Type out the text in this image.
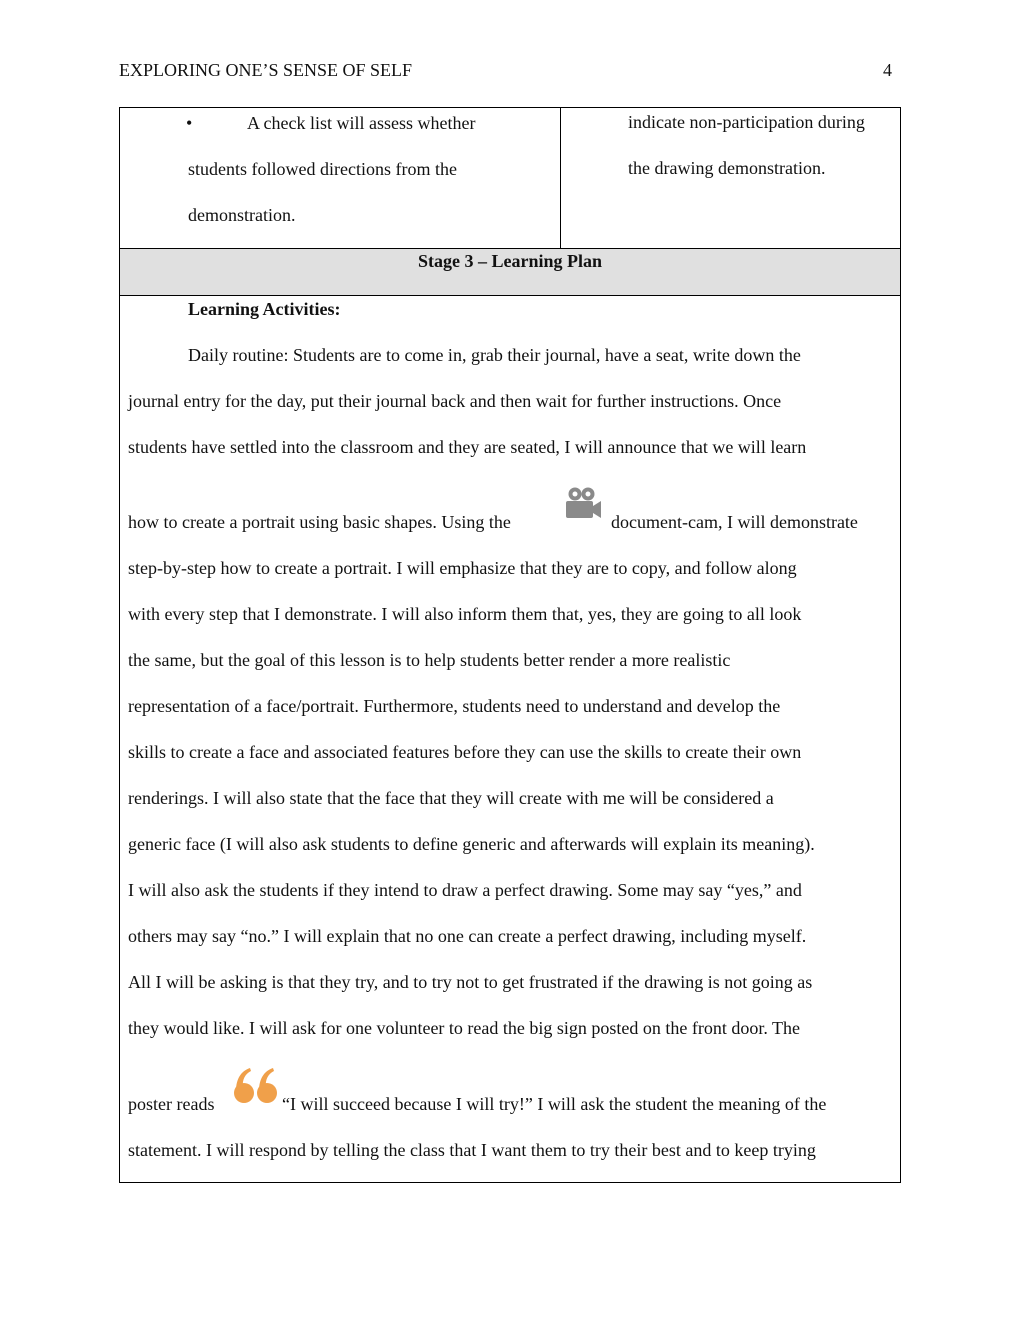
EXPLORING ONE’S SENSE OF SELF	4
•	A check list will assess whether
students followed directions from the
demonstration.
indicate non-participation during
the drawing demonstration.
Stage 3 – Learning Plan
Learning Activities:
Daily routine: Students are to come in, grab their journal, have a seat, write down the
journal entry for the day, put their journal back and then wait for further instructions. Once
students have settled into the classroom and they are seated, I will announce that we will learn
how to create a portrait using basic shapes. Using the	document-cam, I will demonstrate
step-by-step how to create a portrait. I will emphasize that they are to copy, and follow along
with every step that I demonstrate. I will also inform them that, yes, they are going to all look
the same, but the goal of this lesson is to help students better render a more realistic
representation of a face/portrait. Furthermore, students need to understand and develop the
skills to create a face and associated features before they can use the skills to create their own
renderings. I will also state that the face that they will create with me will be considered a
generic face (I will also ask students to define generic and afterwards will explain its meaning).
I will also ask the students if they intend to draw a perfect drawing. Some may say “yes,” and
others may say “no.” I will explain that no one can create a perfect drawing, including myself.
All I will be asking is that they try, and to try not to get frustrated if the drawing is not going as
they would like. I will ask for one volunteer to read the big sign posted on the front door. The
poster reads	“I will succeed because I will try!” I will ask the student the meaning of the
statement. I will respond by telling the class that I want them to try their best and to keep trying
